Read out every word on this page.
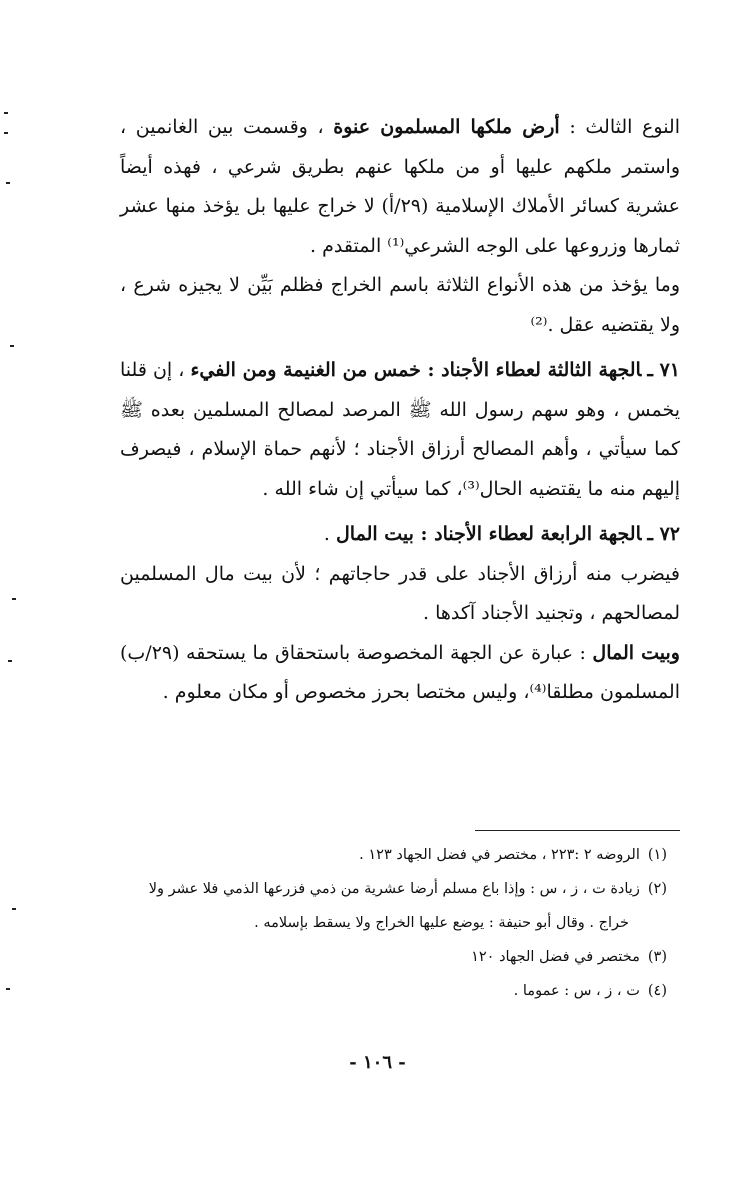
النوع الثالث : أرض ملكها المسلمون عنوة ، وقسمت بين الغانمين ، واستمر ملكهم عليها أو من ملكها عنهم بطريق شرعي ، فهذه أيضاً عشرية كسائر الأملاك الإسلامية (٢٩/أ) لا خراج عليها بل يؤخذ منها عشر ثمارها وزروعها على الوجه الشرعي⁽¹⁾ المتقدم .

وما يؤخذ من هذه الأنواع الثلاثة باسم الخراج فظلم بَيِّن لا يجيزه شرع ، ولا يقتضيه عقل .⁽²⁾

٧١ ـالجهة الثالثة لعطاء الأجناد : خمس من الغنيمة ومن الفيء ، إن قلنا يخمس ، وهو سهم رسول الله ﷺ المرصد لمصالح المسلمين بعده ﷺ كما سيأتي ، وأهم المصالح أرزاق الأجناد ؛ لأنهم حماة الإسلام ، فيصرف إليهم منه ما يقتضيه الحال⁽³⁾، كما سيأتي إن شاء الله .

٧٢ ـالجهة الرابعة لعطاء الأجناد : بيت المال .

فيضرب منه أرزاق الأجناد على قدر حاجاتهم ؛ لأن بيت مال المسلمين لمصالحهم ، وتجنيد الأجناد آكدها .

وبيت المال : عبارة عن الجهة المخصوصة باستحقاق ما يستحقه (٢٩/ب) المسلمون مطلقا⁽⁴⁾، وليس مختصا بحرز مخصوص أو مكان معلوم .

(١)الروضه ٢ :٢٢٣ ، مختصر في فضل الجهاد ١٢٣ .

(٢)زيادة ت ، ز ، س : وإذا باع مسلم أرضا عشرية من ذمي فزرعها الذمي فلا عشر ولا

خراج . وقال أبو حنيفة : يوضع عليها الخراج ولا يسقط بإسلامه .

(٣)مختصر في فضل الجهاد ١٢٠

(٤)ت ، ز ، س : عموما .

- ١٠٦ -
